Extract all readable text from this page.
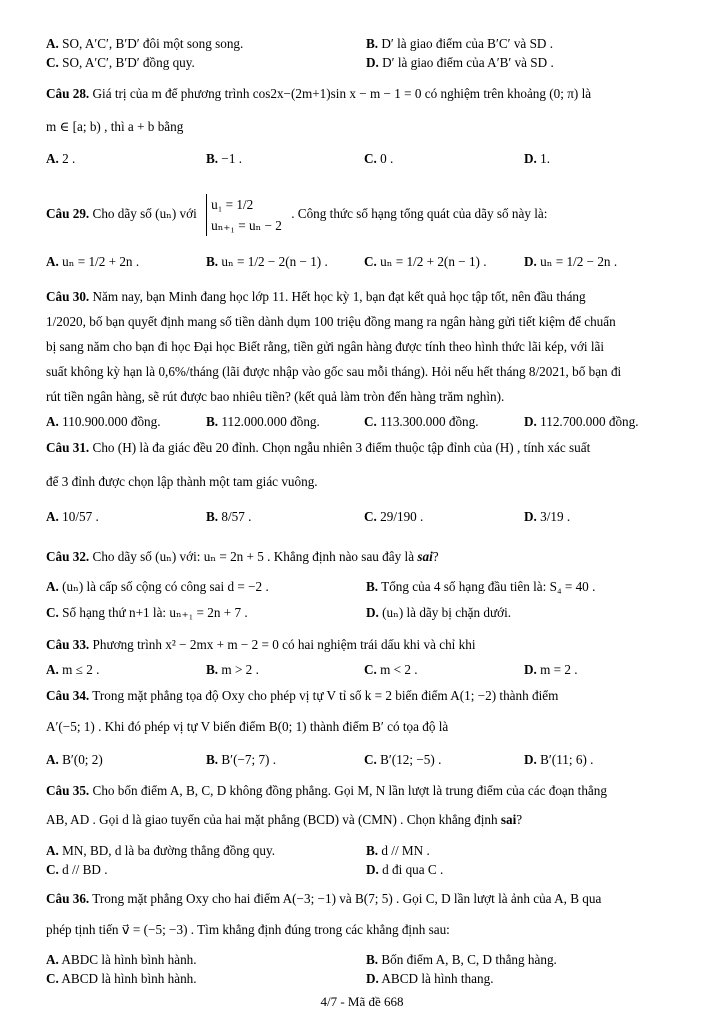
A. SO, A′C′, B′D′ đôi một song song.	B. D′ là giao điểm của B′C′ và SD .
C. SO, A′C′, B′D′ đồng quy.	D. D′ là giao điểm của A′B′ và SD .
Câu 28. Giá trị của m để phương trình cos2x−(2m+1)sin x − m − 1 = 0 có nghiệm trên khoảng (0; π) là
m ∈ [a; b) , thì a + b bằng
A. 2 .	B. −1 .	C. 0 .	D. 1.
Câu 29. Cho dãy số (uₙ) với
u₁ = 1/2
uₙ₊₁ = uₙ − 2
. Công thức số hạng tổng quát của dãy số này là:
A. uₙ = 1/2 + 2n .	B. uₙ = 1/2 − 2(n − 1) .	C. uₙ = 1/2 + 2(n − 1) .	D. uₙ = 1/2 − 2n .
Câu 30. Năm nay, bạn Minh đang học lớp 11. Hết học kỳ 1, bạn đạt kết quả học tập tốt, nên đầu tháng
1/2020, bố bạn quyết định mang số tiền dành dụm 100 triệu đồng mang ra ngân hàng gửi tiết kiệm để chuẩn
bị sang năm cho bạn đi học Đại học Biết rằng, tiền gửi ngân hàng được tính theo hình thức lãi kép, với lãi
suất không kỳ hạn là 0,6%/tháng (lãi được nhập vào gốc sau mỗi tháng). Hỏi nếu hết tháng 8/2021, bố bạn đi
rút tiền ngân hàng, sẽ rút được bao nhiêu tiền? (kết quả làm tròn đến hàng trăm nghìn).
A. 110.900.000 đồng.	B. 112.000.000 đồng.	C. 113.300.000 đồng.	D. 112.700.000 đồng.
Câu 31. Cho (H) là đa giác đều 20 đỉnh. Chọn ngẫu nhiên 3 điểm thuộc tập đỉnh của (H) , tính xác suất
để 3 đỉnh được chọn lập thành một tam giác vuông.
A. 10/57 .	B. 8/57 .	C. 29/190 .	D. 3/19 .
Câu 32. Cho dãy số (uₙ) với: uₙ = 2n + 5 . Khẳng định nào sau đây là sai?
A. (uₙ) là cấp số cộng có công sai d = −2 .	B. Tổng của 4 số hạng đầu tiên là: S₄ = 40 .
C. Số hạng thứ n+1 là: uₙ₊₁ = 2n + 7 .	D. (uₙ) là dãy bị chặn dưới.
Câu 33. Phương trình x² − 2mx + m − 2 = 0 có hai nghiệm trái dấu khi và chỉ khi
A. m ≤ 2 .	B. m > 2 .	C. m < 2 .	D. m = 2 .
Câu 34. Trong mặt phẳng tọa độ Oxy cho phép vị tự V tỉ số k = 2 biến điểm A(1; −2) thành điểm
A′(−5; 1) . Khi đó phép vị tự V biến điểm B(0; 1) thành điểm B′ có tọa độ là
A. B′(0; 2)	B. B′(−7; 7) .	C. B′(12; −5) .	D. B′(11; 6) .
Câu 35. Cho bốn điểm A, B, C, D không đồng phẳng. Gọi M, N lần lượt là trung điểm của các đoạn thẳng
AB, AD . Gọi d là giao tuyến của hai mặt phẳng (BCD) và (CMN) . Chọn khẳng định sai?
A. MN, BD, d là ba đường thẳng đồng quy.	B. d // MN .
C. d // BD .	D. d đi qua C .
Câu 36. Trong mặt phẳng Oxy cho hai điểm A(−3; −1) và B(7; 5) . Gọi C, D lần lượt là ảnh của A, B qua
phép tịnh tiến v⃗ = (−5; −3) . Tìm khẳng định đúng trong các khẳng định sau:
A. ABDC là hình bình hành.	B. Bốn điểm A, B, C, D thẳng hàng.
C. ABCD là hình bình hành.	D. ABCD là hình thang.
4/7 - Mã đề 668
